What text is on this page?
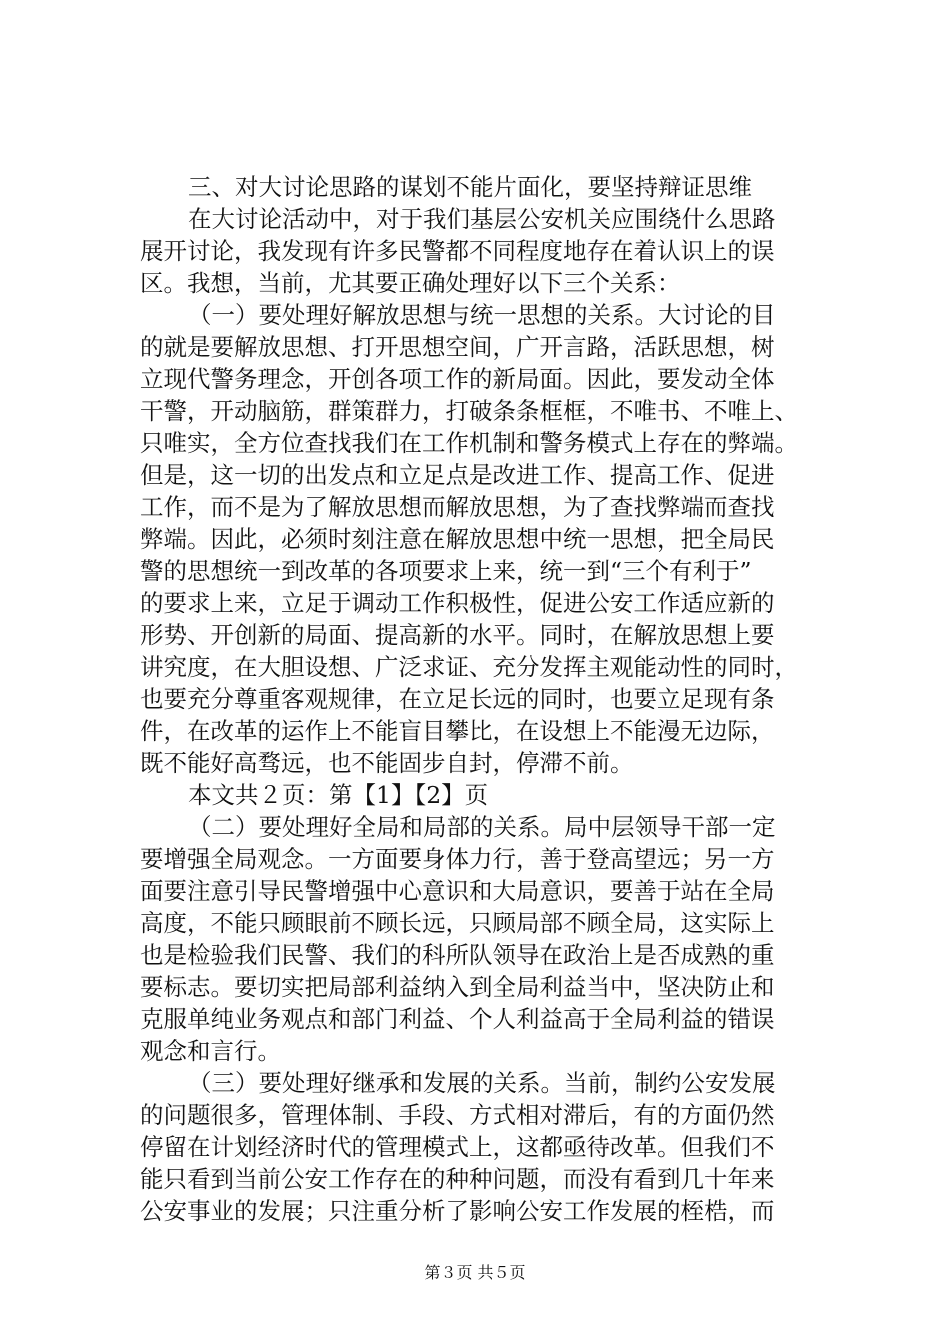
三、对大讨论思路的谋划不能片面化，要坚持辩证思维
在大讨论活动中，对于我们基层公安机关应围绕什么思路
展开讨论，我发现有许多民警都不同程度地存在着认识上的误
区。我想，当前，尤其要正确处理好以下三个关系：
（一）要处理好解放思想与统一思想的关系。大讨论的目
的就是要解放思想、打开思想空间，广开言路，活跃思想，树
立现代警务理念，开创各项工作的新局面。因此，要发动全体
干警，开动脑筋，群策群力，打破条条框框，不唯书、不唯上、
只唯实，全方位查找我们在工作机制和警务模式上存在的弊端。
但是，这一切的出发点和立足点是改进工作、提高工作、促进
工作，而不是为了解放思想而解放思想，为了查找弊端而查找
弊端。因此，必须时刻注意在解放思想中统一思想，把全局民
警的思想统一到改革的各项要求上来，统一到“三个有利于”
的要求上来，立足于调动工作积极性，促进公安工作适应新的
形势、开创新的局面、提高新的水平。同时，在解放思想上要
讲究度，在大胆设想、广泛求证、充分发挥主观能动性的同时，
也要充分尊重客观规律，在立足长远的同时，也要立足现有条
件，在改革的运作上不能盲目攀比，在设想上不能漫无边际，
既不能好高骛远，也不能固步自封，停滞不前。
本文共２页：第【1】【2】页
（二）要处理好全局和局部的关系。局中层领导干部一定
要增强全局观念。一方面要身体力行，善于登高望远；另一方
面要注意引导民警增强中心意识和大局意识，要善于站在全局
高度，不能只顾眼前不顾长远，只顾局部不顾全局，这实际上
也是检验我们民警、我们的科所队领导在政治上是否成熟的重
要标志。要切实把局部利益纳入到全局利益当中，坚决防止和
克服单纯业务观点和部门利益、个人利益高于全局利益的错误
观念和言行。
（三）要处理好继承和发展的关系。当前，制约公安发展
的问题很多，管理体制、手段、方式相对滞后，有的方面仍然
停留在计划经济时代的管理模式上，这都亟待改革。但我们不
能只看到当前公安工作存在的种种问题，而没有看到几十年来
公安事业的发展；只注重分析了影响公安工作发展的桎梏，而
第３页 共５页
